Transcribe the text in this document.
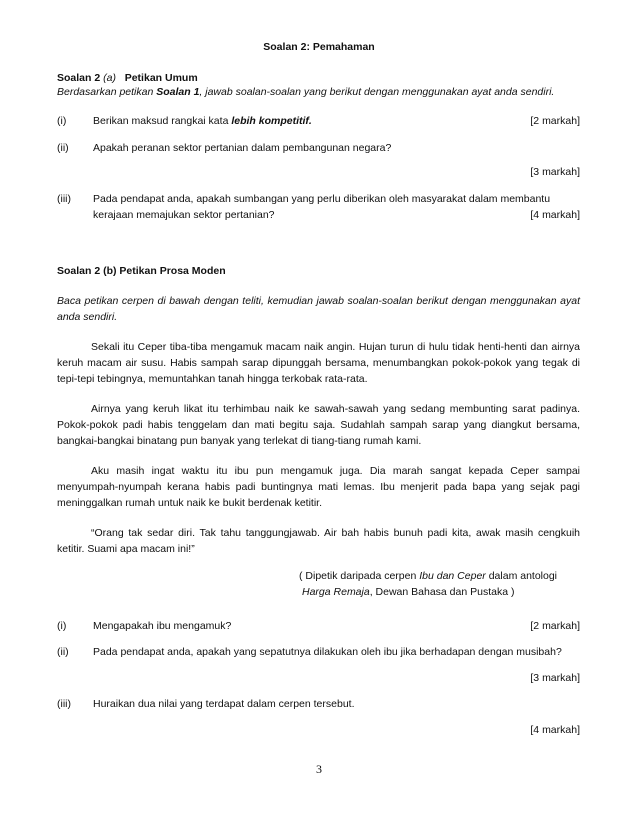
Soalan 2: Pemahaman
Soalan 2 (a) Petikan Umum
Berdasarkan petikan Soalan 1, jawab soalan-soalan yang berikut dengan menggunakan ayat anda sendiri.
(i)	Berikan maksud rangkai kata lebih kompetitif.	[2 markah]
(ii) Apakah peranan sektor pertanian dalam pembangunan negara?
[3 markah]
(iii) Pada pendapat anda, apakah sumbangan yang perlu diberikan oleh masyarakat dalam membantu
kerajaan memajukan sektor pertanian?	[4 markah]
Soalan 2 (b) Petikan Prosa Moden
Baca petikan cerpen di bawah dengan teliti, kemudian jawab soalan-soalan berikut dengan menggunakan ayat
anda sendiri.
Sekali itu Ceper tiba-tiba mengamuk macam naik angin. Hujan turun di hulu tidak henti-henti dan airnya
keruh macam air susu. Habis sampah sarap dipunggah bersama, menumbangkan pokok-pokok yang tegak di
tepi-tepi tebingnya, memuntahkan tanah hingga terkobak rata-rata.
Airnya yang keruh likat itu terhimbau naik ke sawah-sawah yang sedang membunting sarat padinya.
Pokok-pokok padi habis tenggelam dan mati begitu saja. Sudahlah sampah sarap yang diangkut bersama,
bangkai-bangkai binatang pun banyak yang terlekat di tiang-tiang rumah kami.
Aku masih ingat waktu itu ibu pun mengamuk juga. Dia marah sangat kepada Ceper sampai
menyumpah-nyumpah kerana habis padi buntingnya mati lemas. Ibu menjerit pada bapa yang sejak pagi
meninggalkan rumah untuk naik ke bukit berdenak ketitir.
“Orang tak sedar diri. Tak tahu tanggungjawab. Air bah habis bunuh padi kita, awak masih cengkuih
ketitir. Suami apa macam ini!”
( Dipetik daripada cerpen Ibu dan Ceper dalam antologi
Harga Remaja, Dewan Bahasa dan Pustaka )
(i)	Mengapakah ibu mengamuk?	[2 markah]
(ii) Pada pendapat anda, apakah yang sepatutnya dilakukan oleh ibu jika berhadapan dengan musibah?
[3 markah]
(iii) Huraikan dua nilai yang terdapat dalam cerpen tersebut.
[4 markah]
3
